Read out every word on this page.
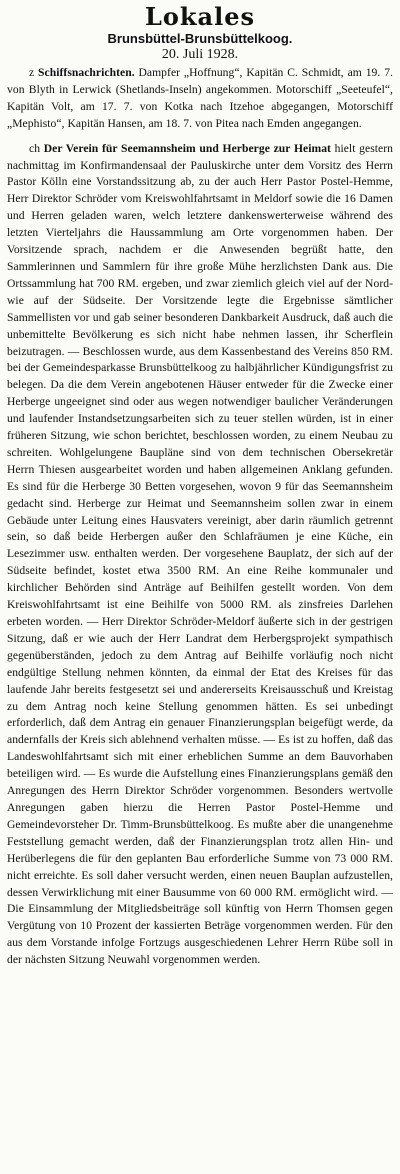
Lokales
Brunsbüttel-Brunsbüttelkoog.
20. Juli 1928.

z Schiffsnachrichten. Dampfer „Hoffnung“, Kapitän C. Schmidt, am 19. 7. von Blyth in Lerwick (Shetlands-Inseln) angekommen. Motorschiff „Seeteufel“, Kapitän Volt, am 17. 7. von Kotka nach Itzehoe abgegangen, Motorschiff „Mephisto“, Kapitän Hansen, am 18. 7. von Pitea nach Emden angegangen.

ch Der Verein für Seemannsheim und Herberge zur Heimat hielt gestern nachmittag im Konfirmandensaal der Pauluskirche unter dem Vorsitz des Herrn Pastor Kölln eine Vorstandssitzung ab, zu der auch Herr Pastor Postel-Hemme, Herr Direktor Schröder vom Kreiswohlfahrtsamt in Meldorf sowie die 16 Damen und Herren geladen waren, welch letztere dankenswerterweise während des letzten Vierteljahrs die Haussammlung am Orte vorgenommen haben. Der Vorsitzende sprach, nachdem er die Anwesenden begrüßt hatte, den Sammlerinnen und Sammlern für ihre große Mühe herzlichsten Dank aus. Die Ortssammlung hat 700 RM. ergeben, und zwar ziemlich gleich viel auf der Nord- wie auf der Südseite. Der Vorsitzende legte die Ergebnisse sämtlicher Sammellisten vor und gab seiner besonderen Dankbarkeit Ausdruck, daß auch die unbemittelte Bevölkerung es sich nicht habe nehmen lassen, ihr Scherflein beizutragen. — Beschlossen wurde, aus dem Kassenbestand des Vereins 850 RM. bei der Gemeindesparkasse Brunsbüttelkoog zu halbjährlicher Kündigungsfrist zu belegen. Da die dem Verein angebotenen Häuser entweder für die Zwecke einer Herberge ungeeignet sind oder aus wegen notwendiger baulicher Veränderungen und laufender Instandsetzungsarbeiten sich zu teuer stellen würden, ist in einer früheren Sitzung, wie schon berichtet, beschlossen worden, zu einem Neubau zu schreiten. Wohlgelungene Baupläne sind von dem technischen Obersekretär Herrn Thiesen ausgearbeitet worden und haben allgemeinen Anklang gefunden. Es sind für die Herberge 30 Betten vorgesehen, wovon 9 für das Seemannsheim gedacht sind. Herberge zur Heimat und Seemannsheim sollen zwar in einem Gebäude unter Leitung eines Hausvaters vereinigt, aber darin räumlich getrennt sein, so daß beide Herbergen außer den Schlafräumen je eine Küche, ein Lesezimmer usw. enthalten werden. Der vorgesehene Bauplatz, der sich auf der Südseite befindet, kostet etwa 3500 RM. An eine Reihe kommunaler und kirchlicher Behörden sind Anträge auf Beihilfen gestellt worden. Von dem Kreiswohlfahrtsamt ist eine Beihilfe von 5000 RM. als zinsfreies Darlehen erbeten worden. — Herr Direktor Schröder-Meldorf äußerte sich in der gestrigen Sitzung, daß er wie auch der Herr Landrat dem Herbergsprojekt sympathisch gegenüberständen, jedoch zu dem Antrag auf Beihilfe vorläufig noch nicht endgültige Stellung nehmen könnten, da einmal der Etat des Kreises für das laufende Jahr bereits festgesetzt sei und andererseits Kreisausschuß und Kreistag zu dem Antrag noch keine Stellung genommen hätten. Es sei unbedingt erforderlich, daß dem Antrag ein genauer Finanzierungsplan beigefügt werde, da andernfalls der Kreis sich ablehnend verhalten müsse. — Es ist zu hoffen, daß das Landeswohlfahrtsamt sich mit einer erheblichen Summe an dem Bauvorhaben beteiligen wird. — Es wurde die Aufstellung eines Finanzierungsplans gemäß den Anregungen des Herrn Direktor Schröder vorgenommen. Besonders wertvolle Anregungen gaben hierzu die Herren Pastor Postel-Hemme und Gemeindevorsteher Dr. Timm-Brunsbüttelkoog. Es mußte aber die unangenehme Feststellung gemacht werden, daß der Finanzierungsplan trotz allen Hin- und Herüberlegens die für den geplanten Bau erforderliche Summe von 73 000 RM. nicht erreichte. Es soll daher versucht werden, einen neuen Bauplan aufzustellen, dessen Verwirklichung mit einer Bausumme von 60 000 RM. ermöglicht wird. — Die Einsammlung der Mitgliedsbeiträge soll künftig von Herrn Thomsen gegen Vergütung von 10 Prozent der kassierten Beträge vorgenommen werden. Für den aus dem Vorstande infolge Fortzugs ausgeschiedenen Lehrer Herrn Rübe soll in der nächsten Sitzung Neuwahl vorgenommen werden.
